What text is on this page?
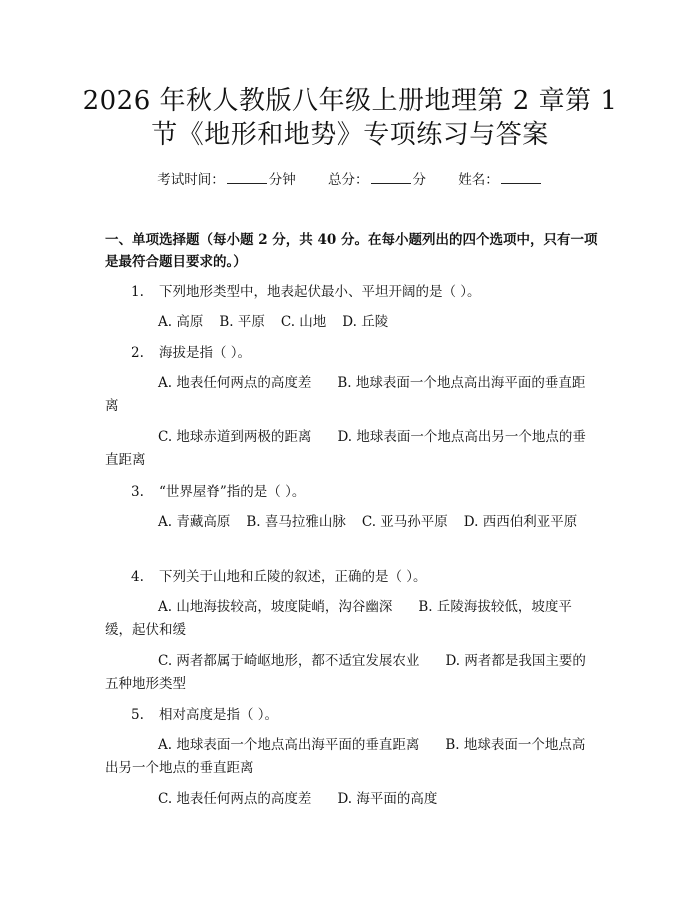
2026 年秋人教版八年级上册地理第 2 章第 1
节《地形和地势》专项练习与答案
考试时间：	分钟 总分：	分 姓名：

一、单项选择题（每小题 2 分，共 40 分。在每小题列出的四个选项中，只有一项是最符合题目要求的。）

1. 下列地形类型中，地表起伏最小、平坦开阔的是（ ）。

A. 高原 B. 平原 C. 山地 D. 丘陵

2. 海拔是指（ ）。

A. 地表任何两点的高度差 B. 地球表面一个地点高出海平面的垂直距离

C. 地球赤道到两极的距离 D. 地球表面一个地点高出另一个地点的垂直距离

3. “世界屋脊”指的是（ ）。

A. 青藏高原 B. 喜马拉雅山脉 C. 亚马孙平原 D. 西西伯利亚平原

4. 下列关于山地和丘陵的叙述，正确的是（ ）。

A. 山地海拔较高，坡度陡峭，沟谷幽深 B. 丘陵海拔较低，坡度平缓，起伏和缓

C. 两者都属于崎岖地形，都不适宜发展农业 D. 两者都是我国主要的五种地形类型

5. 相对高度是指（ ）。

A. 地球表面一个地点高出海平面的垂直距离 B. 地球表面一个地点高出另一个地点的垂直距离

C. 地表任何两点的高度差 D. 海平面的高度
